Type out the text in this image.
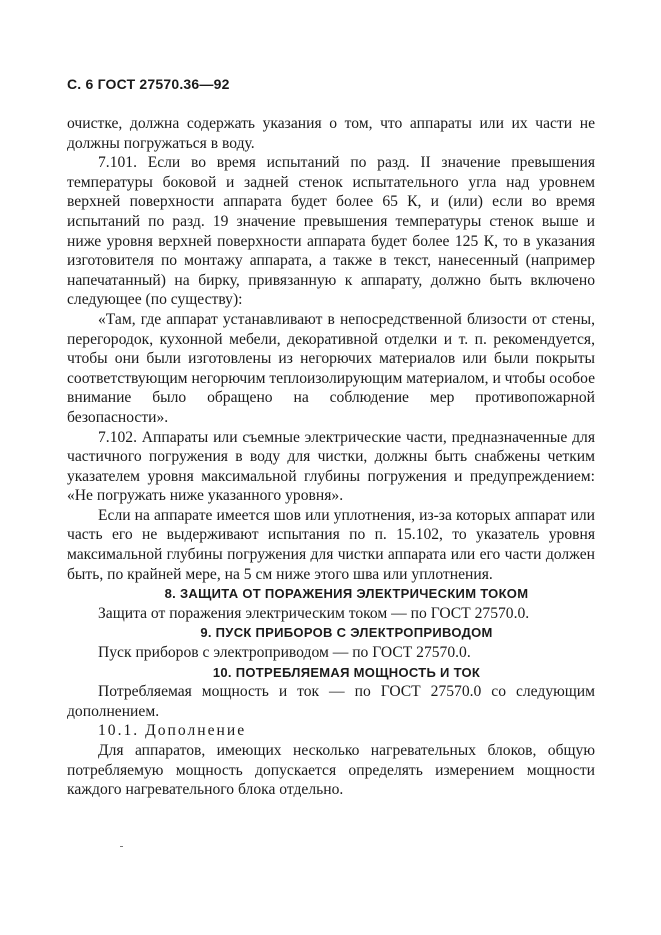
С. 6 ГОСТ 27570.36—92

очистке, должна содержать указания о том, что аппараты или их части не должны погружаться в воду.

7.101. Если во время испытаний по разд. II значение превышения температуры боковой и задней стенок испытательного угла над уровнем верхней поверхности аппарата будет более 65 К, и (или) если во время испытаний по разд. 19 значение превышения температуры стенок выше и ниже уровня верхней поверхности аппарата будет более 125 К, то в указания изготовителя по монтажу аппарата, а также в текст, нанесенный (например напечатанный) на бирку, привязанную к аппарату, должно быть включено следующее (по существу):

«Там, где аппарат устанавливают в непосредственной близости от стены, перегородок, кухонной мебели, декоративной отделки и т. п. рекомендуется, чтобы они были изготовлены из негорючих материалов или были покрыты соответствующим негорючим теплоизолирующим материалом, и чтобы особое внимание было обращено на соблюдение мер противопожарной безопасности».

7.102. Аппараты или съемные электрические части, предназначенные для частичного погружения в воду для чистки, должны быть снабжены четким указателем уровня максимальной глубины погружения и предупреждением: «Не погружать ниже указанного уровня».

Если на аппарате имеется шов или уплотнения, из-за которых аппарат или часть его не выдерживают испытания по п. 15.102, то указатель уровня максимальной глубины погружения для чистки аппарата или его части должен быть, по крайней мере, на 5 см ниже этого шва или уплотнения.

8. ЗАЩИТА ОТ ПОРАЖЕНИЯ ЭЛЕКТРИЧЕСКИМ ТОКОМ

Защита от поражения электрическим током — по ГОСТ 27570.0.

9. ПУСК ПРИБОРОВ С ЭЛЕКТРОПРИВОДОМ

Пуск приборов с электроприводом — по ГОСТ 27570.0.

10. ПОТРЕБЛЯЕМАЯ МОЩНОСТЬ И ТОК

Потребляемая мощность и ток — по ГОСТ 27570.0 со следующим дополнением.

10.1. Дополнение

Для аппаратов, имеющих несколько нагревательных блоков, общую потребляемую мощность допускается определять измерением мощности каждого нагревательного блока отдельно.
